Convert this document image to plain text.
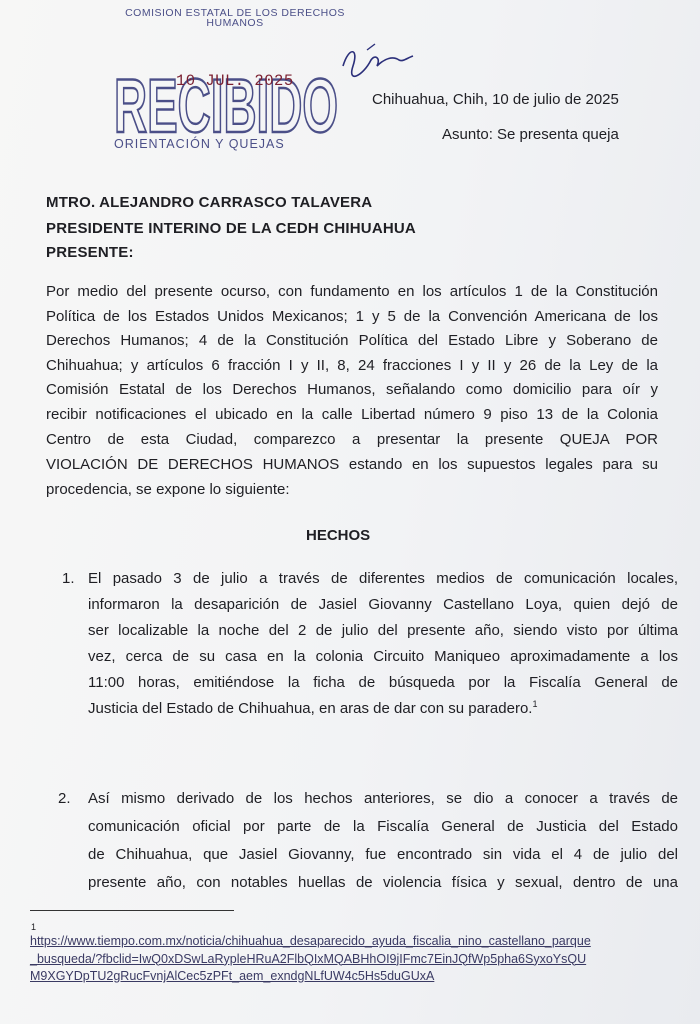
COMISION ESTATAL DE LOS DERECHOS HUMANOS
RECIBIDO
10 JUL. 2025
ORIENTACIÓN Y QUEJAS
Chihuahua, Chih, 10 de julio de 2025
Asunto: Se presenta queja
MTRO. ALEJANDRO CARRASCO TALAVERA
PRESIDENTE INTERINO DE LA CEDH CHIHUAHUA
PRESENTE:
Por medio del presente ocurso, con fundamento en los artículos 1 de la Constitución
Política de los Estados Unidos Mexicanos; 1 y 5 de la Convención Americana de los
Derechos Humanos; 4 de la Constitución Política del Estado Libre y Soberano de
Chihuahua; y artículos 6 fracción I y II, 8, 24 fracciones I y II y 26 de la Ley de la
Comisión Estatal de los Derechos Humanos, señalando como domicilio para oír y
recibir notificaciones el ubicado en la calle Libertad número 9 piso 13 de la Colonia
Centro de esta Ciudad, comparezco a presentar la presente QUEJA POR
VIOLACIÓN DE DERECHOS HUMANOS estando en los supuestos legales para su
procedencia, se expone lo siguiente:
HECHOS
1. El pasado 3 de julio a través de diferentes medios de comunicación locales,
informaron la desaparición de Jasiel Giovanny Castellano Loya, quien dejó de
ser localizable la noche del 2 de julio del presente año, siendo visto por última
vez, cerca de su casa en la colonia Circuito Maniqueo aproximadamente a los
11:00 horas, emitiéndose la ficha de búsqueda por la Fiscalía General de
Justicia del Estado de Chihuahua, en aras de dar con su paradero.$^1$
2. Así mismo derivado de los hechos anteriores, se dio a conocer a través de
comunicación oficial por parte de la Fiscalía General de Justicia del Estado
de Chihuahua, que Jasiel Giovanny, fue encontrado sin vida el 4 de julio del
presente año, con notables huellas de violencia física y sexual, dentro de una
1
https://www.tiempo.com.mx/noticia/chihuahua_desaparecido_ayuda_fiscalia_nino_castellano_parque
_busqueda/?fbclid=IwQ0xDSwLaRypleHRuA2FlbQIxMQABHhOI9jIFmc7EinJQfWp5pha6SyxoYsQU
M9XGYDpTU2gRucFvnjAlCec5zPFt_aem_exndgNLfUW4c5Hs5duGUxA
